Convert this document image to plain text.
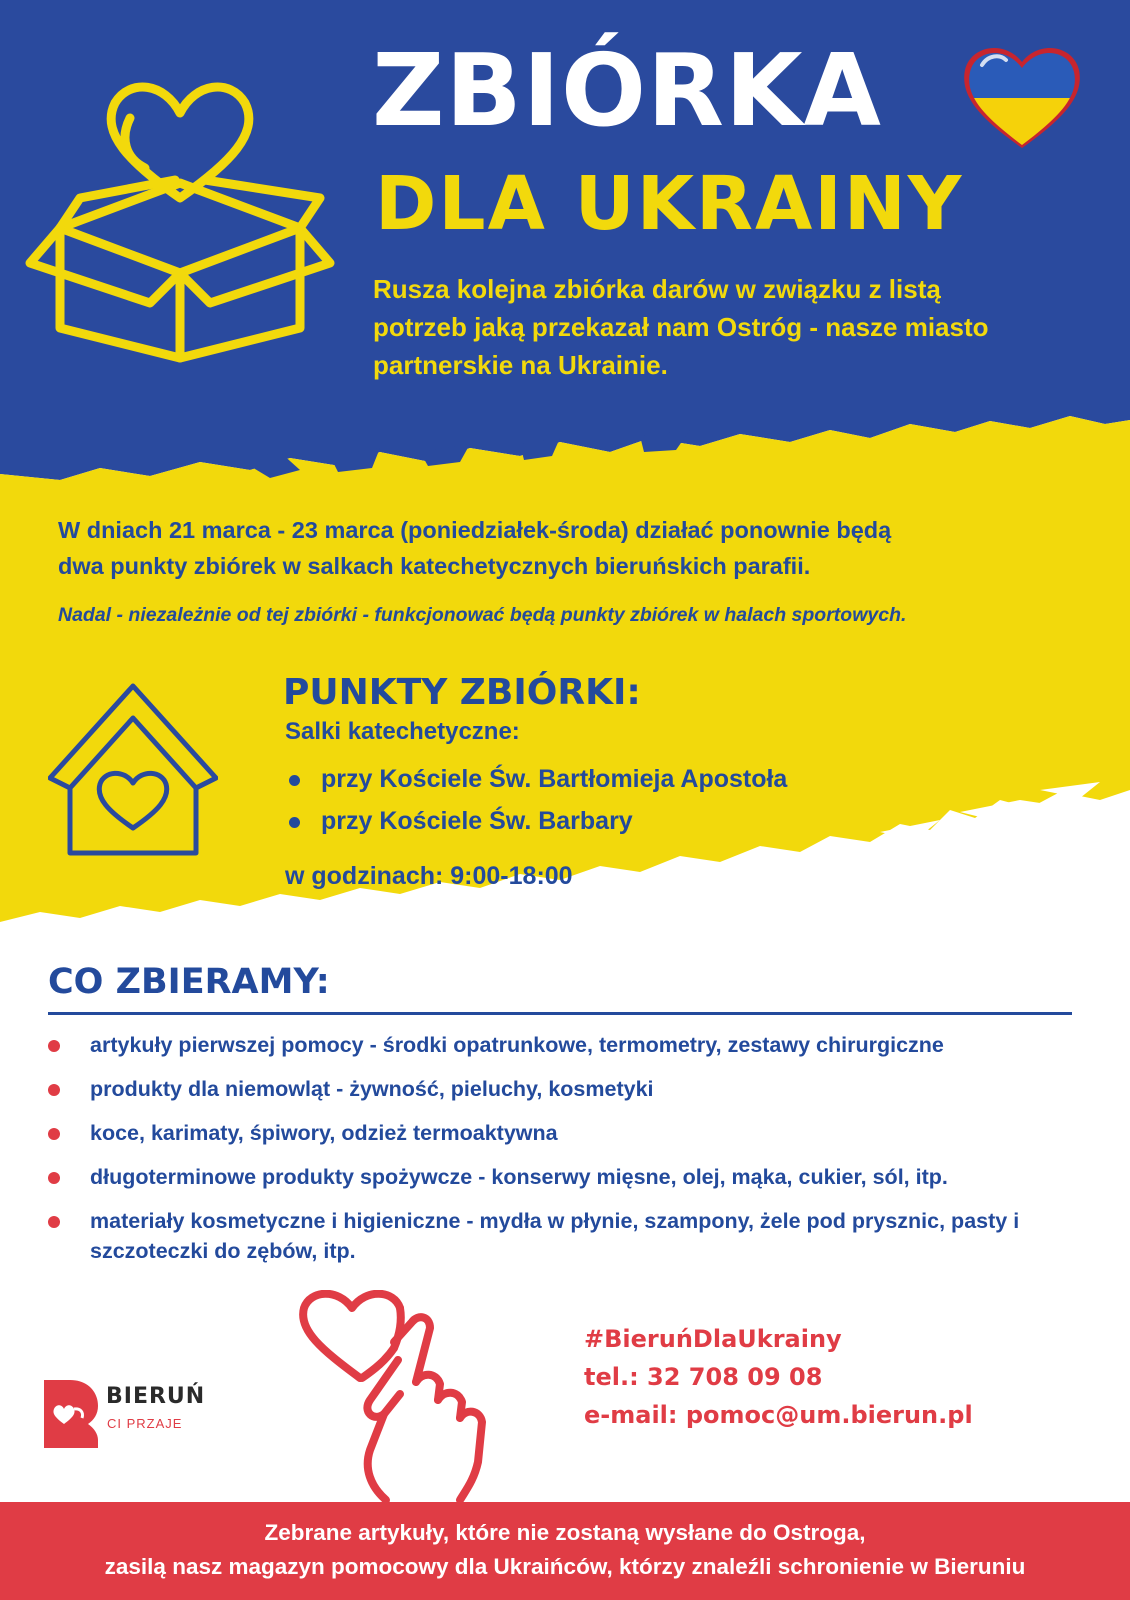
ZBIÓRKA
DLA UKRAINY
Rusza kolejna zbiórka darów w związku z listą
potrzeb jaką przekazał nam Ostróg - nasze miasto
partnerskie na Ukrainie.
W dniach 21 marca - 23 marca (poniedziałek-środa) działać ponownie będą
dwa punkty zbiórek w salkach katechetycznych bieruńskich parafii.
Nadal - niezależnie od tej zbiórki - funkcjonować będą punkty zbiórek w halach sportowych.
PUNKTY ZBIÓRKI:
Salki katechetyczne:
przy Kościele Św. Bartłomieja Apostoła
przy Kościele Św. Barbary
w godzinach: 9:00-18:00
CO ZBIERAMY:
artykuły pierwszej pomocy - środki opatrunkowe, termometry, zestawy chirurgiczne
produkty dla niemowląt - żywność, pieluchy, kosmetyki
koce, karimaty, śpiwory, odzież termoaktywna
długoterminowe produkty spożywcze - konserwy mięsne, olej, mąka, cukier, sól, itp.
materiały kosmetyczne i higieniczne - mydła w płynie, szampony, żele pod prysznic, pasty i szczoteczki do zębów, itp.
#BieruńDlaUkrainy
tel.: 32 708 09 08
e-mail: pomoc@um.bierun.pl
BIERUŃ
CI PRZAJE
Zebrane artykuły, które nie zostaną wysłane do Ostroga,
zasilą nasz magazyn pomocowy dla Ukraińców, którzy znaleźli schronienie w Bieruniu
